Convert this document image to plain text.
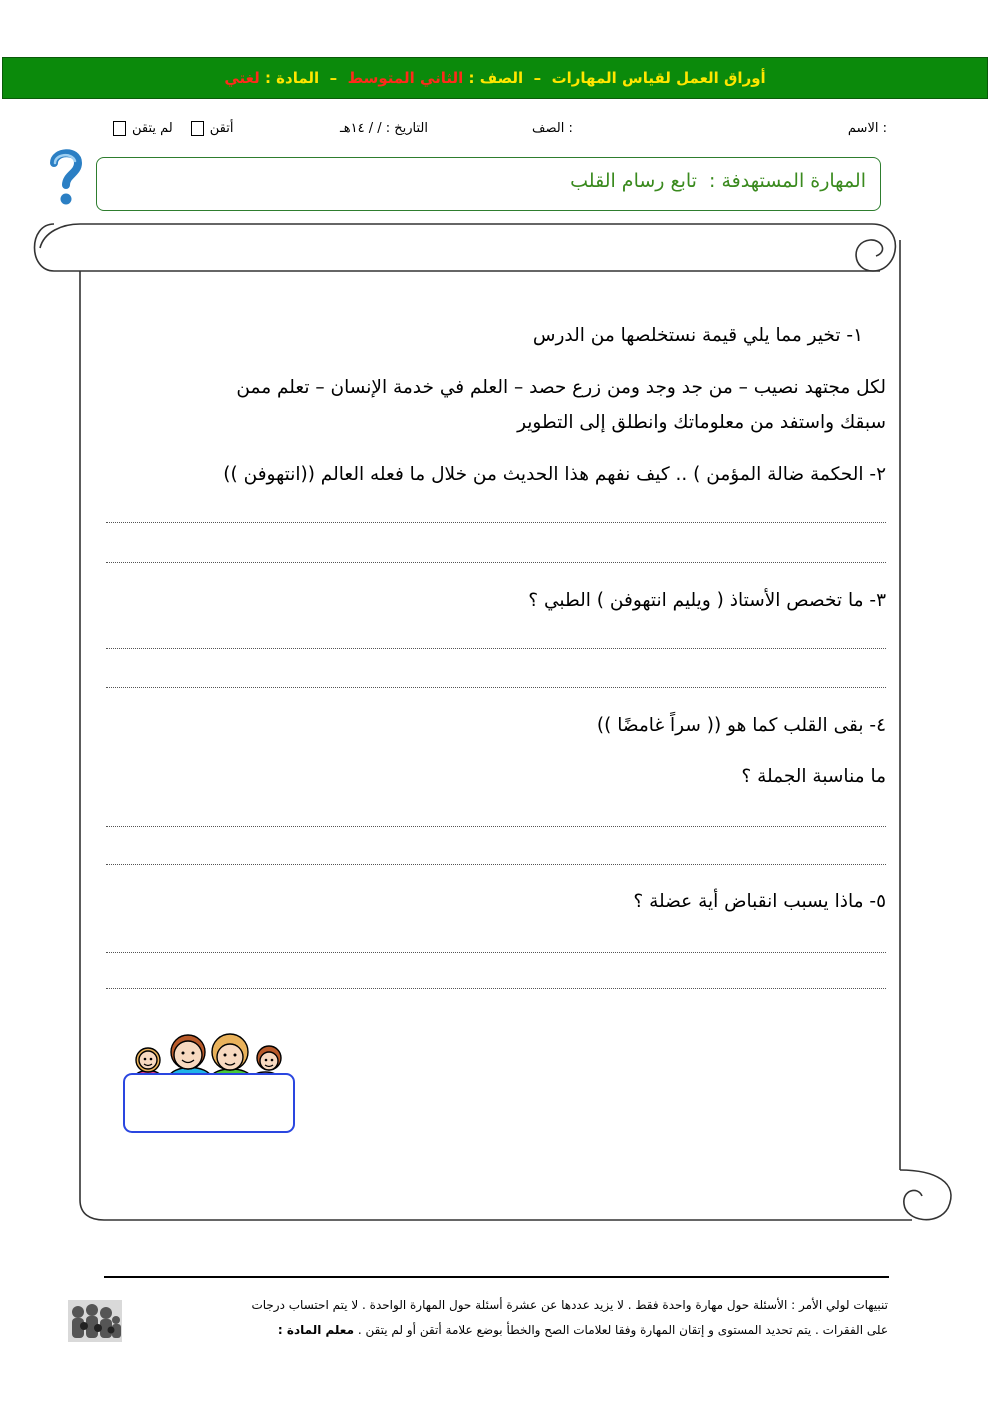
أوراق العمل لقياس المهارات  –  الصف :
الثاني المتوسط
–  المادة :
لغتي
الاسم :
الصف :
التاريخ : / / ١٤هـ
أتقنلم يتقن
المهارة المستهدفة :  تابع رسام القلب
١- تخير مما يلي قيمة نستخلصها من الدرس
لكل مجتهد نصيب – من جد وجد ومن زرع حصد – العلم في خدمة الإنسان – تعلم ممن
سبقك واستفد من معلوماتك وانطلق إلى التطوير
٢- الحكمة ضالة المؤمن ) .. كيف نفهم هذا الحديث من خلال ما فعله العالم ((انتهوفن ))
٣- ما تخصص الأستاذ ( ويليم انتهوفن ) الطبي ؟
٤- بقى القلب كما هو (( سراً غامضًا ))
ما مناسبة الجملة ؟
٥- ماذا يسبب انقباض أية عضلة ؟
تنبيهات لولي الأمر : الأسئلة حول مهارة واحدة فقط . لا يزيد عددها عن عشرة أسئلة حول المهارة الواحدة . لا يتم احتساب درجات
على الفقرات . يتم تحديد المستوى و إتقان المهارة وفقا لعلامات الصح والخطأ بوضع علامة أتقن أو لم يتقن . معلم المادة :
